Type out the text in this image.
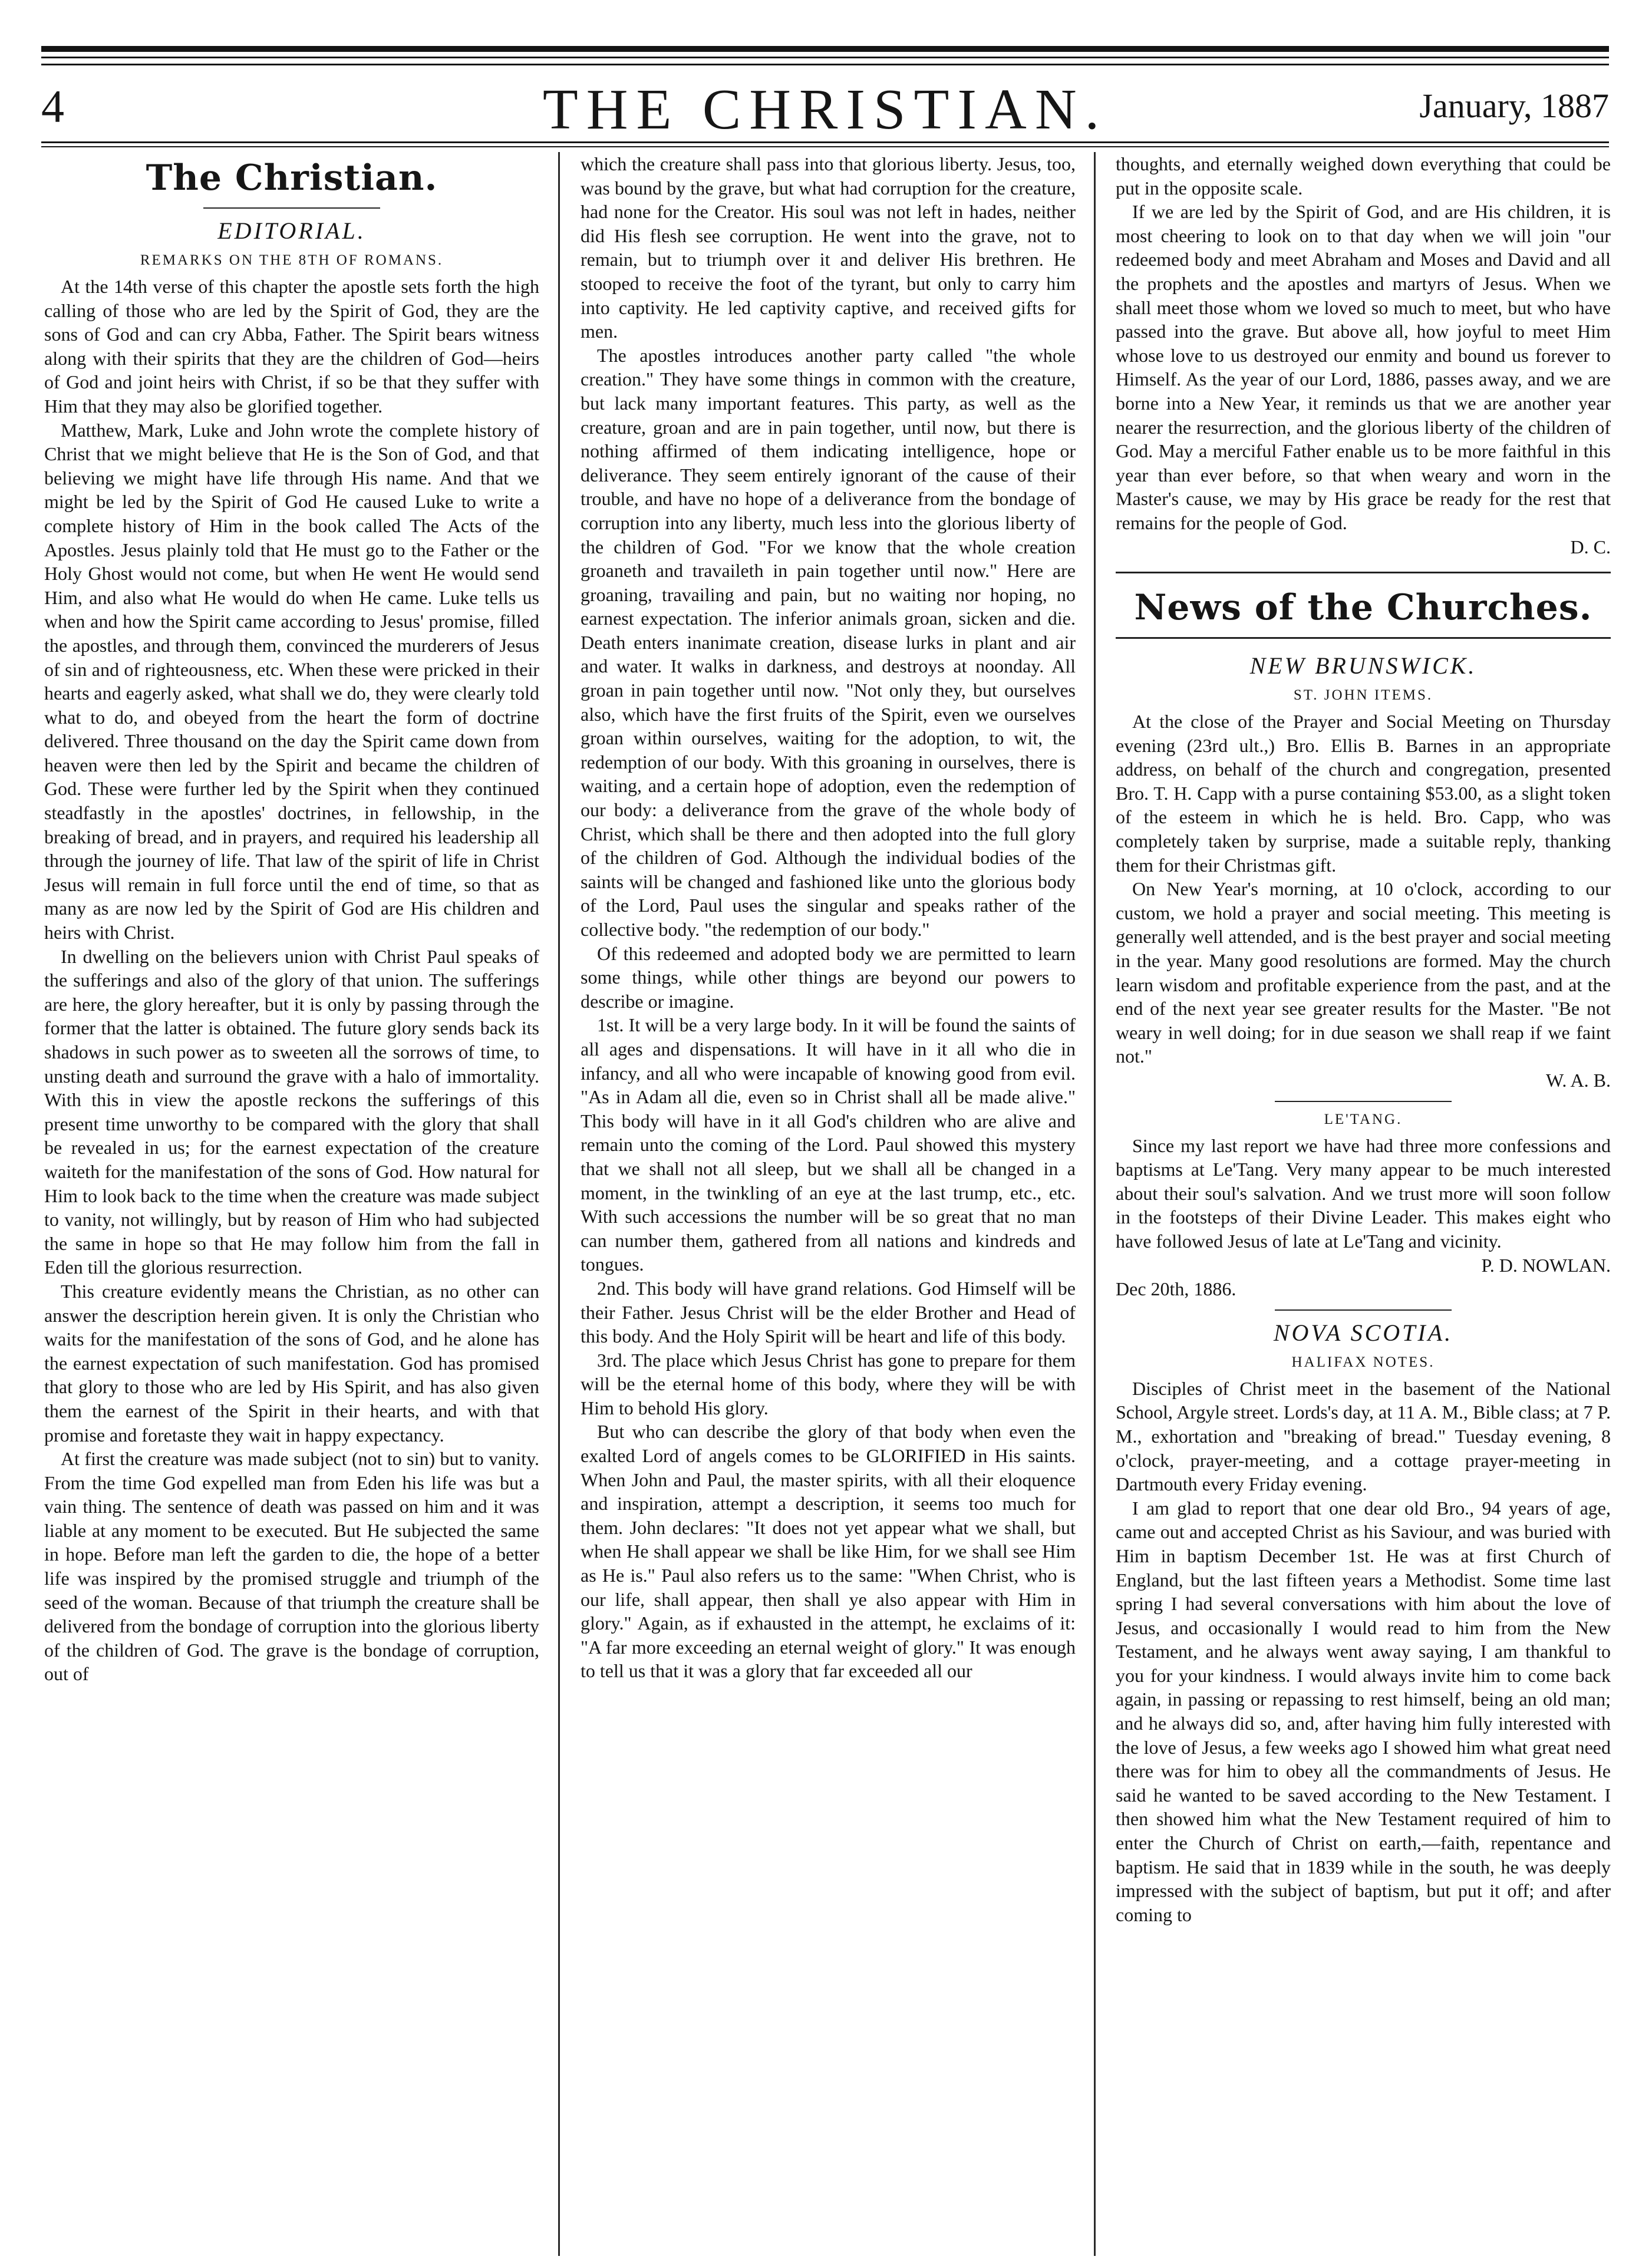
4	THE CHRISTIAN.	January, 1887
The Christian.
EDITORIAL.
REMARKS ON THE 8TH OF ROMANS.

At the 14th verse of this chapter the apostle sets forth the high calling of those who are led by the Spirit of God, they are the sons of God and can cry Abba, Father. The Spirit bears witness along with their spirits that they are the children of God—heirs of God and joint heirs with Christ, if so be that they suffer with Him that they may also be glorified together.

Matthew, Mark, Luke and John wrote the complete history of Christ that we might believe that He is the Son of God, and that believing we might have life through His name. And that we might be led by the Spirit of God He caused Luke to write a complete history of Him in the book called The Acts of the Apostles. Jesus plainly told that He must go to the Father or the Holy Ghost would not come, but when He went He would send Him, and also what He would do when He came. Luke tells us when and how the Spirit came according to Jesus' promise, filled the apostles, and through them, convinced the murderers of Jesus of sin and of righteousness, etc. When these were pricked in their hearts and eagerly asked, what shall we do, they were clearly told what to do, and obeyed from the heart the form of doctrine delivered. Three thousand on the day the Spirit came down from heaven were then led by the Spirit and became the children of God. These were further led by the Spirit when they continued steadfastly in the apostles' doctrines, in fellowship, in the breaking of bread, and in prayers, and required his leadership all through the journey of life. That law of the spirit of life in Christ Jesus will remain in full force until the end of time, so that as many as are now led by the Spirit of God are His children and heirs with Christ.

In dwelling on the believers union with Christ Paul speaks of the sufferings and also of the glory of that union. The sufferings are here, the glory hereafter, but it is only by passing through the former that the latter is obtained. The future glory sends back its shadows in such power as to sweeten all the sorrows of time, to unsting death and surround the grave with a halo of immortality. With this in view the apostle reckons the sufferings of this present time unworthy to be compared with the glory that shall be revealed in us; for the earnest expectation of the creature waiteth for the manifestation of the sons of God. How natural for Him to look back to the time when the creature was made subject to vanity, not willingly, but by reason of Him who had subjected the same in hope so that He may follow him from the fall in Eden till the glorious resurrection.

This creature evidently means the Christian, as no other can answer the description herein given. It is only the Christian who waits for the manifestation of the sons of God, and he alone has the earnest expectation of such manifestation. God has promised that glory to those who are led by His Spirit, and has also given them the earnest of the Spirit in their hearts, and with that promise and foretaste they wait in happy expectancy.

At first the creature was made subject (not to sin) but to vanity. From the time God expelled man from Eden his life was but a vain thing. The sentence of death was passed on him and it was liable at any moment to be executed. But He subjected the same in hope. Before man left the garden to die, the hope of a better life was inspired by the promised struggle and triumph of the seed of the woman. Because of that triumph the creature shall be delivered from the bondage of corruption into the glorious liberty of the children of God. The grave is the bondage of corruption, out of

which the creature shall pass into that glorious liberty. Jesus, too, was bound by the grave, but what had corruption for the creature, had none for the Creator. His soul was not left in hades, neither did His flesh see corruption. He went into the grave, not to remain, but to triumph over it and deliver His brethren. He stooped to receive the foot of the tyrant, but only to carry him into captivity. He led captivity captive, and received gifts for men.

The apostles introduces another party called "the whole creation." They have some things in common with the creature, but lack many important features. This party, as well as the creature, groan and are in pain together, until now, but there is nothing affirmed of them indicating intelligence, hope or deliverance. They seem entirely ignorant of the cause of their trouble, and have no hope of a deliverance from the bondage of corruption into any liberty, much less into the glorious liberty of the children of God. "For we know that the whole creation groaneth and travaileth in pain together until now." Here are groaning, travailing and pain, but no waiting nor hoping, no earnest expectation. The inferior animals groan, sicken and die. Death enters inanimate creation, disease lurks in plant and air and water. It walks in darkness, and destroys at noonday. All groan in pain together until now. "Not only they, but ourselves also, which have the first fruits of the Spirit, even we ourselves groan within ourselves, waiting for the adoption, to wit, the redemption of our body. With this groaning in ourselves, there is waiting, and a certain hope of adoption, even the redemption of our body: a deliverance from the grave of the whole body of Christ, which shall be there and then adopted into the full glory of the children of God. Although the individual bodies of the saints will be changed and fashioned like unto the glorious body of the Lord, Paul uses the singular and speaks rather of the collective body. "the redemption of our body."

Of this redeemed and adopted body we are permitted to learn some things, while other things are beyond our powers to describe or imagine.

1st. It will be a very large body. In it will be found the saints of all ages and dispensations. It will have in it all who die in infancy, and all who were incapable of knowing good from evil. "As in Adam all die, even so in Christ shall all be made alive." This body will have in it all God's children who are alive and remain unto the coming of the Lord. Paul showed this mystery that we shall not all sleep, but we shall all be changed in a moment, in the twinkling of an eye at the last trump, etc., etc. With such accessions the number will be so great that no man can number them, gathered from all nations and kindreds and tongues.

2nd. This body will have grand relations. God Himself will be their Father. Jesus Christ will be the elder Brother and Head of this body. And the Holy Spirit will be heart and life of this body.

3rd. The place which Jesus Christ has gone to prepare for them will be the eternal home of this body, where they will be with Him to behold His glory.

But who can describe the glory of that body when even the exalted Lord of angels comes to be GLORIFIED in His saints. When John and Paul, the master spirits, with all their eloquence and inspiration, attempt a description, it seems too much for them. John declares: "It does not yet appear what we shall, but when He shall appear we shall be like Him, for we shall see Him as He is." Paul also refers us to the same: "When Christ, who is our life, shall appear, then shall ye also appear with Him in glory." Again, as if exhausted in the attempt, he exclaims of it: "A far more exceeding an eternal weight of glory." It was enough to tell us that it was a glory that far exceeded all our

thoughts, and eternally weighed down everything that could be put in the opposite scale.

If we are led by the Spirit of God, and are His children, it is most cheering to look on to that day when we will join "our redeemed body and meet Abraham and Moses and David and all the prophets and the apostles and martyrs of Jesus. When we shall meet those whom we loved so much to meet, but who have passed into the grave. But above all, how joyful to meet Him whose love to us destroyed our enmity and bound us forever to Himself. As the year of our Lord, 1886, passes away, and we are borne into a New Year, it reminds us that we are another year nearer the resurrection, and the glorious liberty of the children of God. May a merciful Father enable us to be more faithful in this year than ever before, so that when weary and worn in the Master's cause, we may by His grace be ready for the rest that remains for the people of God.

D. C.

News of the Churches.
NEW BRUNSWICK.
ST. JOHN ITEMS.

At the close of the Prayer and Social Meeting on Thursday evening (23rd ult.,) Bro. Ellis B. Barnes in an appropriate address, on behalf of the church and congregation, presented Bro. T. H. Capp with a purse containing $53.00, as a slight token of the esteem in which he is held. Bro. Capp, who was completely taken by surprise, made a suitable reply, thanking them for their Christmas gift.

On New Year's morning, at 10 o'clock, according to our custom, we hold a prayer and social meeting. This meeting is generally well attended, and is the best prayer and social meeting in the year. Many good resolutions are formed. May the church learn wisdom and profitable experience from the past, and at the end of the next year see greater results for the Master. "Be not weary in well doing; for in due season we shall reap if we faint not."

W. A. B.

LE'TANG.

Since my last report we have had three more confessions and baptisms at Le'Tang. Very many appear to be much interested about their soul's salvation. And we trust more will soon follow in the footsteps of their Divine Leader. This makes eight who have followed Jesus of late at Le'Tang and vicinity.

P. D. NOWLAN.

Dec 20th, 1886.

NOVA SCOTIA.
HALIFAX NOTES.

Disciples of Christ meet in the basement of the National School, Argyle street. Lords's day, at 11 A. M., Bible class; at 7 P. M., exhortation and "breaking of bread." Tuesday evening, 8 o'clock, prayer-meeting, and a cottage prayer-meeting in Dartmouth every Friday evening.

I am glad to report that one dear old Bro., 94 years of age, came out and accepted Christ as his Saviour, and was buried with Him in baptism December 1st. He was at first Church of England, but the last fifteen years a Methodist. Some time last spring I had several conversations with him about the love of Jesus, and occasionally I would read to him from the New Testament, and he always went away saying, I am thankful to you for your kindness. I would always invite him to come back again, in passing or repassing to rest himself, being an old man; and he always did so, and, after having him fully interested with the love of Jesus, a few weeks ago I showed him what great need there was for him to obey all the commandments of Jesus. He said he wanted to be saved according to the New Testament. I then showed him what the New Testament required of him to enter the Church of Christ on earth,—faith, repentance and baptism. He said that in 1839 while in the south, he was deeply impressed with the subject of baptism, but put it off; and after coming to
